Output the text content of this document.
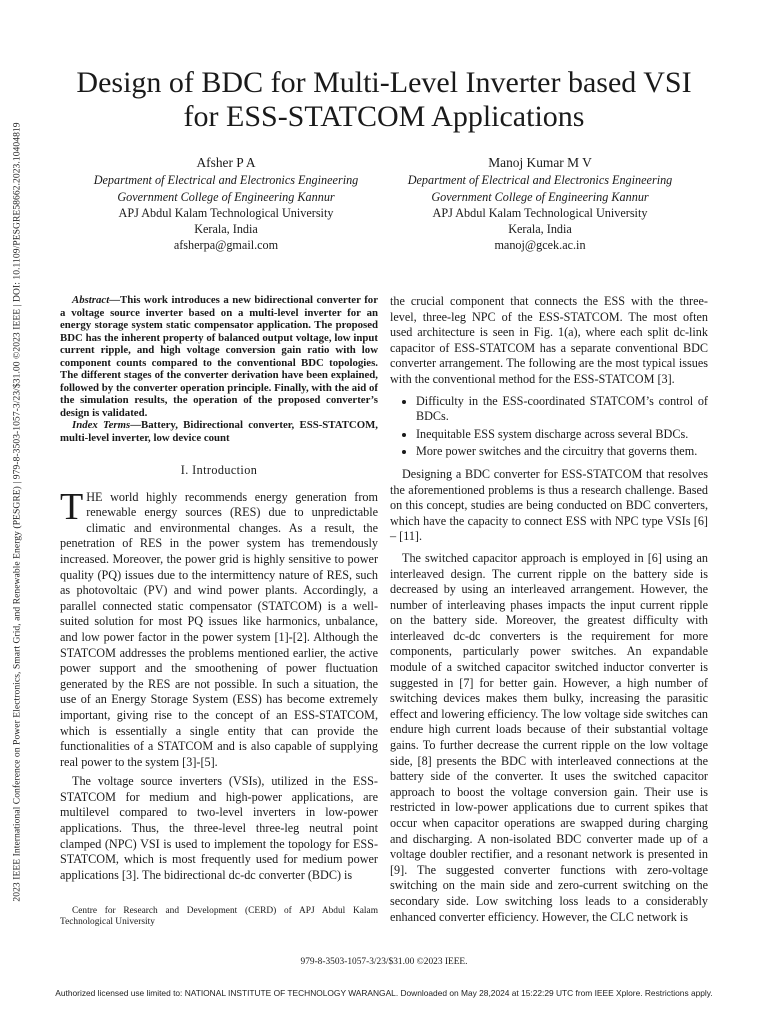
2023 IEEE International Conference on Power Electronics, Smart Grid, and Renewable Energy (PESGRE) | 979-8-3503-1057-3/23/$31.00 ©2023 IEEE | DOI: 10.1109/PESGRE58662.2023.10404819
Design of BDC for Multi-Level Inverter based VSI
for ESS-STATCOM Applications
Afsher P A
Department of Electrical and Electronics Engineering
Government College of Engineering Kannur
APJ Abdul Kalam Technological University
Kerala, India
afsherpa@gmail.com
Manoj Kumar M V
Department of Electrical and Electronics Engineering
Government College of Engineering Kannur
APJ Abdul Kalam Technological University
Kerala, India
manoj@gcek.ac.in

Abstract—This work introduces a new bidirectional converter for a voltage source inverter based on a multi-level inverter for an energy storage system static compensator application. The proposed BDC has the inherent property of balanced output voltage, low input current ripple, and high voltage conversion gain ratio with low component counts compared to the conventional BDC topologies. The different stages of the converter derivation have been explained, followed by the converter operation principle. Finally, with the aid of the simulation results, the operation of the proposed converter’s design is validated.

Index Terms—Battery, Bidirectional converter, ESS-STATCOM, multi-level inverter, low device count

I. Introduction

THE world highly recommends energy generation from renewable energy sources (RES) due to unpredictable climatic and environmental changes. As a result, the penetration of RES in the power system has tremendously increased. Moreover, the power grid is highly sensitive to power quality (PQ) issues due to the intermittency nature of RES, such as photovoltaic (PV) and wind power plants. Accordingly, a parallel connected static compensator (STATCOM) is a well-suited solution for most PQ issues like harmonics, unbalance, and low power factor in the power system [1]-[2]. Although the STATCOM addresses the problems mentioned earlier, the active power support and the smoothening of power fluctuation generated by the RES are not possible. In such a situation, the use of an Energy Storage System (ESS) has become extremely important, giving rise to the concept of an ESS-STATCOM, which is essentially a single entity that can provide the functionalities of a STATCOM and is also capable of supplying real power to the system [3]-[5].

The voltage source inverters (VSIs), utilized in the ESS-STATCOM for medium and high-power applications, are multilevel compared to two-level inverters in low-power applications. Thus, the three-level three-leg neutral point clamped (NPC) VSI is used to implement the topology for ESS-STATCOM, which is most frequently used for medium power applications [3]. The bidirectional dc-dc converter (BDC) is

the crucial component that connects the ESS with the three-level, three-leg NPC of the ESS-STATCOM. The most often used architecture is seen in Fig. 1(a), where each split dc-link capacitor of ESS-STATCOM has a separate conventional BDC converter arrangement. The following are the most typical issues with the conventional method for the ESS-STATCOM [3].

• Difficulty in the ESS-coordinated STATCOM’s control of BDCs.
• Inequitable ESS system discharge across several BDCs.
• More power switches and the circuitry that governs them.

Designing a BDC converter for ESS-STATCOM that resolves the aforementioned problems is thus a research challenge. Based on this concept, studies are being conducted on BDC converters, which have the capacity to connect ESS with NPC type VSIs [6] – [11].

The switched capacitor approach is employed in [6] using an interleaved design. The current ripple on the battery side is decreased by using an interleaved arrangement. However, the number of interleaving phases impacts the input current ripple on the battery side. Moreover, the greatest difficulty with interleaved dc-dc converters is the requirement for more components, particularly power switches. An expandable module of a switched capacitor switched inductor converter is suggested in [7] for better gain. However, a high number of switching devices makes them bulky, increasing the parasitic effect and lowering efficiency. The low voltage side switches can endure high current loads because of their substantial voltage gains. To further decrease the current ripple on the low voltage side, [8] presents the BDC with interleaved connections at the battery side of the converter. It uses the switched capacitor approach to boost the voltage conversion gain. Their use is restricted in low-power applications due to current spikes that occur when capacitor operations are swapped during charging and discharging. A non-isolated BDC converter made up of a voltage doubler rectifier, and a resonant network is presented in [9]. The suggested converter functions with zero-voltage switching on the main side and zero-current switching on the secondary side. Low switching loss leads to a considerably enhanced converter efficiency. However, the CLC network is

Centre for Research and Development (CERD) of APJ Abdul Kalam Technological University
979-8-3503-1057-3/23/$31.00 ©2023 IEEE.
Authorized licensed use limited to: NATIONAL INSTITUTE OF TECHNOLOGY WARANGAL. Downloaded on May 28,2024 at 15:22:29 UTC from IEEE Xplore. Restrictions apply.
